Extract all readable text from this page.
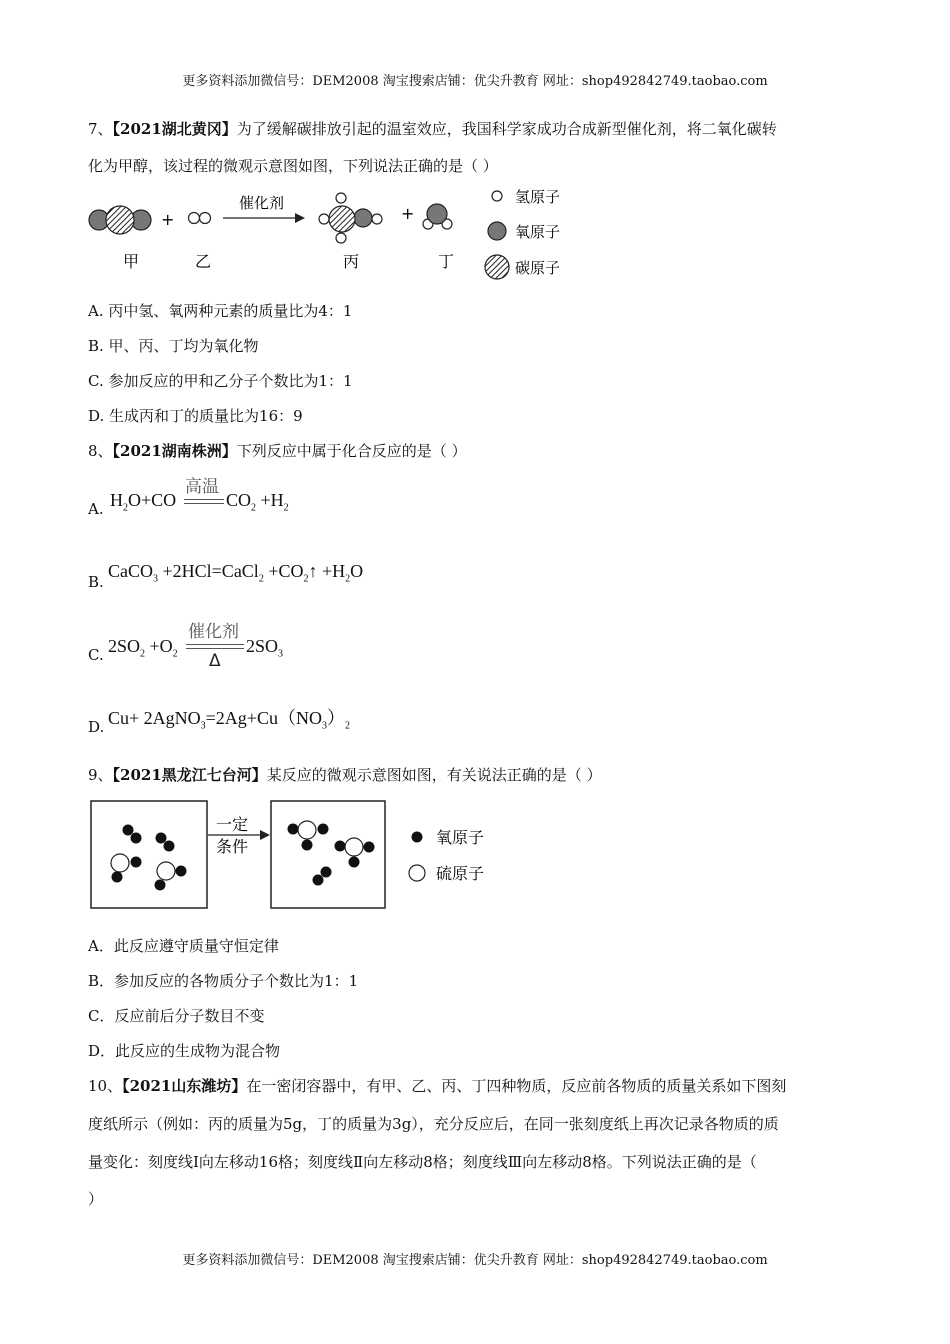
更多资料添加微信号：DEM2008 淘宝搜索店铺：优尖升教育 网址：shop492842749.taobao.com
7、【2021湖北黄冈】为了缓解碳排放引起的温室效应，我国科学家成功合成新型催化剂，将二氧化碳转
化为甲醇，该过程的微观示意图如图，下列说法正确的是（ ）
+
催化剂
+
甲	乙	丙	丁
氢原子
氧原子
碳原子
A. 丙中氢、氧两种元素的质量比为4：1
B. 甲、丙、丁均为氧化物
C. 参加反应的甲和乙分子个数比为1：1
D. 生成丙和丁的质量比为16：9
8、【2021湖南株洲】下列反应中属于化合反应的是（ ）
A. $H_2O+CO$
高温
$CO_2 +H_2$
B.
CaCO$_3$ +2HCl=CaCl$_2$ $+CO_2↑ +H_2O$
C. $2SO_2 +O_2$
催化剂
Δ
$2SO_3$
D. $Cu+ 2AgNO_3=2Ag+Cu(NO_3)_2$
9、【2021黑龙江七台河】某反应的微观示意图如图，有关说法正确的是（ ）
一定
条件	氧原子
硫原子
A．此反应遵守质量守恒定律
B．参加反应的各物质分子个数比为1：1
C．反应前后分子数目不变
D．此反应的生成物为混合物
10、【2021山东潍坊】在一密闭容器中，有甲、乙、丙、丁四种物质，反应前各物质的质量关系如下图刻
度纸所示（例如：丙的质量为5g，丁的质量为3g），充分反应后，在同一张刻度纸上再次记录各物质的质
量变化：刻度线Ⅰ向左移动16格；刻度线Ⅱ向左移动8格；刻度线Ⅲ向左移动8格。下列说法正确的是（
）
更多资料添加微信号：DEM2008 淘宝搜索店铺：优尖升教育 网址：shop492842749.taobao.com
